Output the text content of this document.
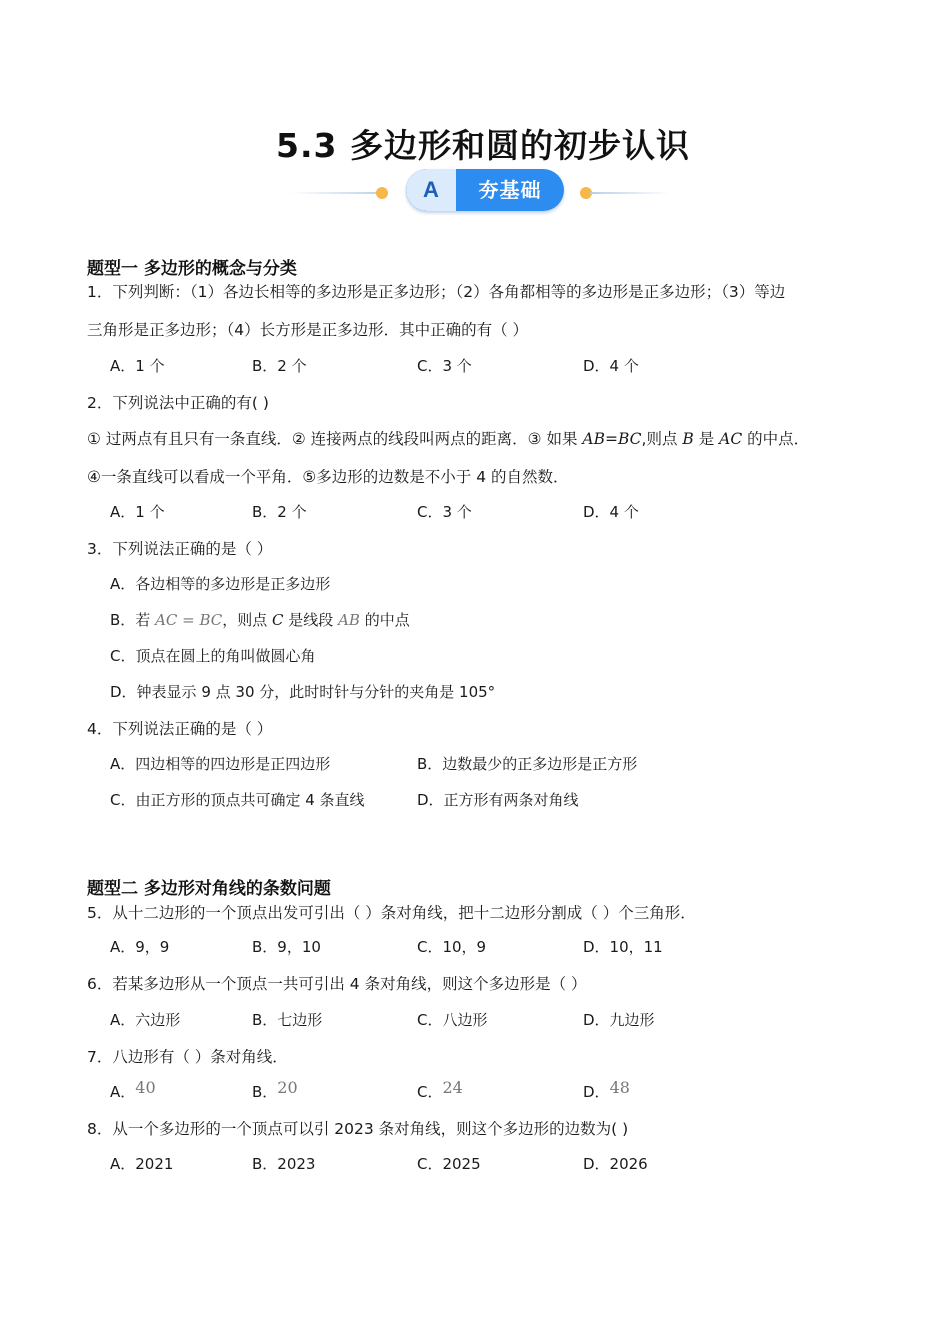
5.3 多边形和圆的初步认识
A	夯基础
题型一 多边形的概念与分类
1．下列判断：（1）各边长相等的多边形是正多边形；（2）各角都相等的多边形是正多边形；（3）等边
三角形是正多边形；（4）长方形是正多边形．其中正确的有（ ）
A．1 个	B．2 个	C．3 个	D．4 个
2．下列说法中正确的有( )
① 过两点有且只有一条直线．② 连接两点的线段叫两点的距离．③ 如果 AB=BC,则点 B 是 AC 的中点．
④一条直线可以看成一个平角．⑤多边形的边数是不小于 4 的自然数．
A．1 个	B．2 个	C．3 个	D．4 个
3．下列说法正确的是（ ）
A．各边相等的多边形是正多边形
B．若 AC = BC，则点 C 是线段 AB 的中点
C．顶点在圆上的角叫做圆心角
D．钟表显示 9 点 30 分，此时时针与分针的夹角是 105°
4．下列说法正确的是（ ）
A．四边相等的四边形是正四边形	B．边数最少的正多边形是正方形
C．由正方形的顶点共可确定 4 条直线	D．正方形有两条对角线
题型二 多边形对角线的条数问题
5．从十二边形的一个顶点出发可引出（ ）条对角线，把十二边形分割成（ ）个三角形．
A．9，9	B．9，10	C．10，9	D．10，11
6．若某多边形从一个顶点一共可引出 4 条对角线，则这个多边形是（ ）
A．六边形	B．七边形	C．八边形	D．九边形
7．八边形有（ ）条对角线．
A．40	B．20	C．24	D．48
8．从一个多边形的一个顶点可以引 2023 条对角线，则这个多边形的边数为( )
A．2021	B．2023	C．2025	D．2026
